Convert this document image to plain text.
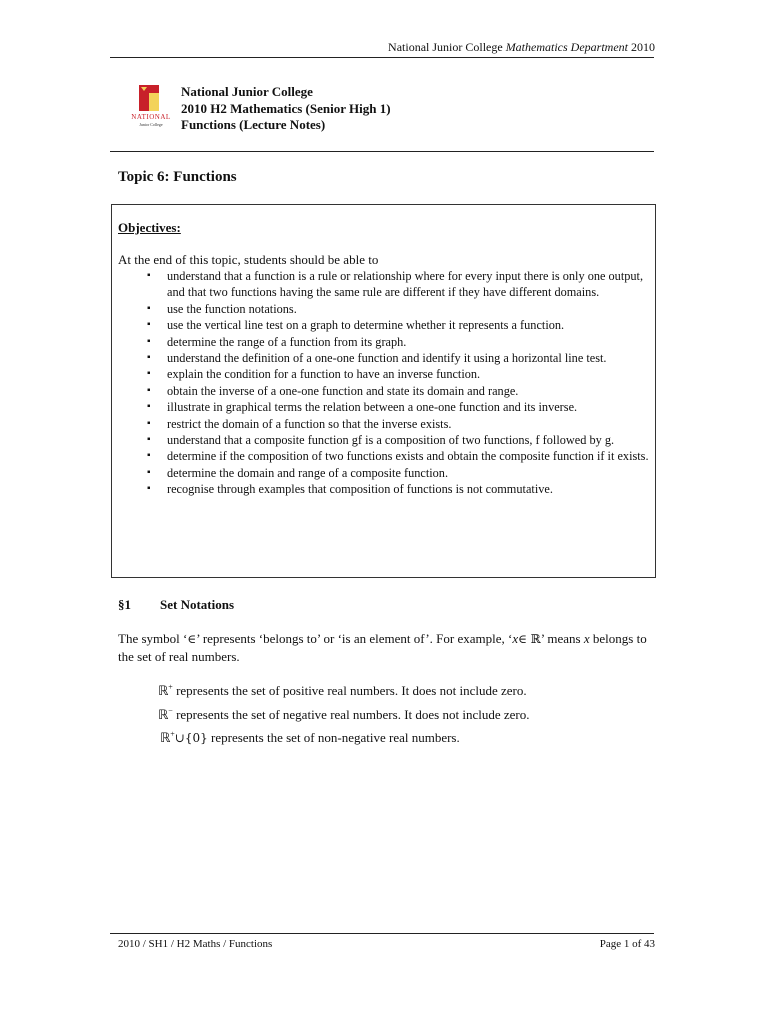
National Junior College Mathematics Department 2010
NATIONAL
Junior College
National Junior College
2010 H2 Mathematics (Senior High 1)
Functions (Lecture Notes)
Topic 6: Functions
Objectives:
At the end of this topic, students should be able to
▪ understand that a function is a rule or relationship where for every input there is only one output, and that two functions having the same rule are different if they have different domains.
▪ use the function notations.
▪ use the vertical line test on a graph to determine whether it represents a function.
▪ determine the range of a function from its graph.
▪ understand the definition of a one-one function and identify it using a horizontal line test.
▪ explain the condition for a function to have an inverse function.
▪ obtain the inverse of a one-one function and state its domain and range.
▪ illustrate in graphical terms the relation between a one-one function and its inverse.
▪ restrict the domain of a function so that the inverse exists.
▪ understand that a composite function gf is a composition of two functions, f followed by g.
▪ determine if the composition of two functions exists and obtain the composite function if it exists.
▪ determine the domain and range of a composite function.
▪ recognise through examples that composition of functions is not commutative.
§1 Set Notations
The symbol ‘∈’ represents ‘belongs to’ or ‘is an element of’. For example, ‘x∈ ℝ’ means x belongs to the set of real numbers.
ℝ+ represents the set of positive real numbers. It does not include zero.
ℝ− represents the set of negative real numbers. It does not include zero.
ℝ+∪{0} represents the set of non-negative real numbers.
2010 / SH1 / H2 Maths / Functions	Page 1 of 43
